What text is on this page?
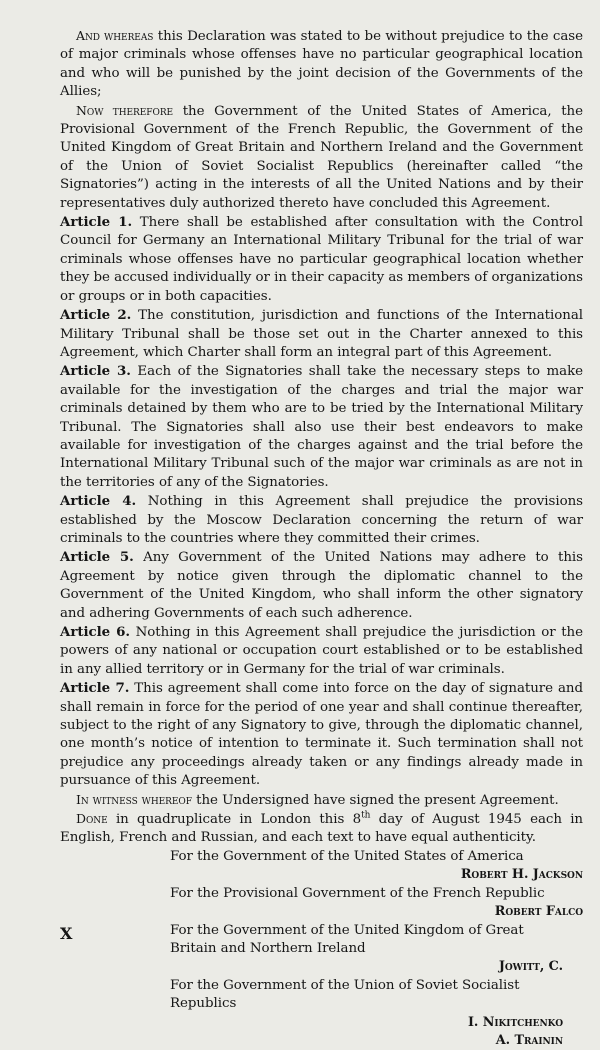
And whereas this Declaration was stated to be without prejudice to the case of major criminals whose offenses have no particular geographical location and who will be punished by the joint decision of the Governments of the Allies;

Now therefore the Government of the United States of America, the Provisional Government of the French Republic, the Government of the United Kingdom of Great Britain and Northern Ireland and the Government of the Union of Soviet Socialist Republics (hereinafter called “the Signatories”) acting in the interests of all the United Nations and by their representatives duly authorized thereto have concluded this Agreement.

Article 1. There shall be established after consultation with the Control Council for Germany an International Military Tribunal for the trial of war criminals whose offenses have no particular geographical location whether they be accused individually or in their capacity as members of organizations or groups or in both capacities.

Article 2. The constitution, jurisdiction and functions of the International Military Tribunal shall be those set out in the Charter annexed to this Agreement, which Charter shall form an integral part of this Agreement.

Article 3. Each of the Signatories shall take the necessary steps to make available for the investigation of the charges and trial the major war criminals detained by them who are to be tried by the International Military Tribunal. The Signatories shall also use their best endeavors to make available for investigation of the charges against and the trial before the International Military Tribunal such of the major war criminals as are not in the territories of any of the Signatories.

Article 4. Nothing in this Agreement shall prejudice the provisions established by the Moscow Declaration concerning the return of war criminals to the countries where they committed their crimes.

Article 5. Any Government of the United Nations may adhere to this Agreement by notice given through the diplomatic channel to the Government of the United Kingdom, who shall inform the other signatory and adhering Governments of each such adherence.

Article 6. Nothing in this Agreement shall prejudice the jurisdiction or the powers of any national or occupation court established or to be established in any allied territory or in Germany for the trial of war criminals.

Article 7. This agreement shall come into force on the day of signature and shall remain in force for the period of one year and shall continue thereafter, subject to the right of any Signatory to give, through the diplomatic channel, one month’s notice of intention to terminate it. Such termination shall not prejudice any proceedings already taken or any findings already made in pursuance of this Agreement.

In witness whereof the Undersigned have signed the present Agreement.

Done in quadruplicate in London this 8th day of August 1945 each in English, French and Russian, and each text to have equal authenticity.

For the Government of the United States of America

Robert H. Jackson

For the Provisional Government of the French Republic

Robert Falco

For the Government of the United Kingdom of Great Britain and Northern Ireland

Jowitt, C.

For the Government of the Union of Soviet Socialist Republics

I. Nikitchenko

A. Trainin

X
